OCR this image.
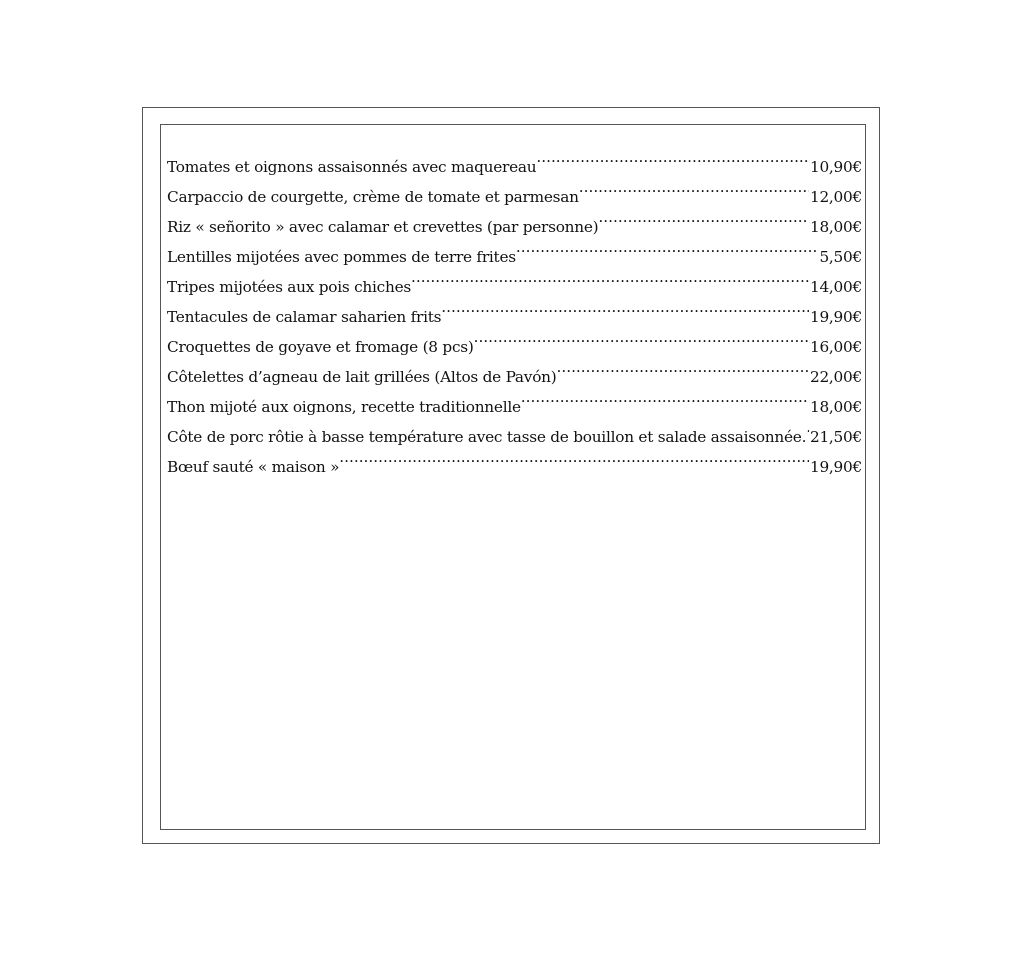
Tomates et oignons assaisonnés avec maquereau .....	10,90€
Carpaccio de courgette, crème de tomate et parmesan .....	12,00€
Riz « señorito » avec calamar et crevettes (par personne) .....	18,00€
Lentilles mijotées avec pommes de terre frites .....	5,50€
Tripes mijotées aux pois chiches .....	14,00€
Tentacules de calamar saharien frits .....	19,90€
Croquettes de goyave et fromage (8 pcs) .....	16,00€
Côtelettes d’agneau de lait grillées (Altos de Pavón) .....	22,00€
Thon mijoté aux oignons, recette traditionnelle .....	18,00€
Côte de porc rôtie à basse température avec tasse de bouillon et salade assaisonnée. ..... 21,50€
Bœuf sauté « maison » .....	19,90€
